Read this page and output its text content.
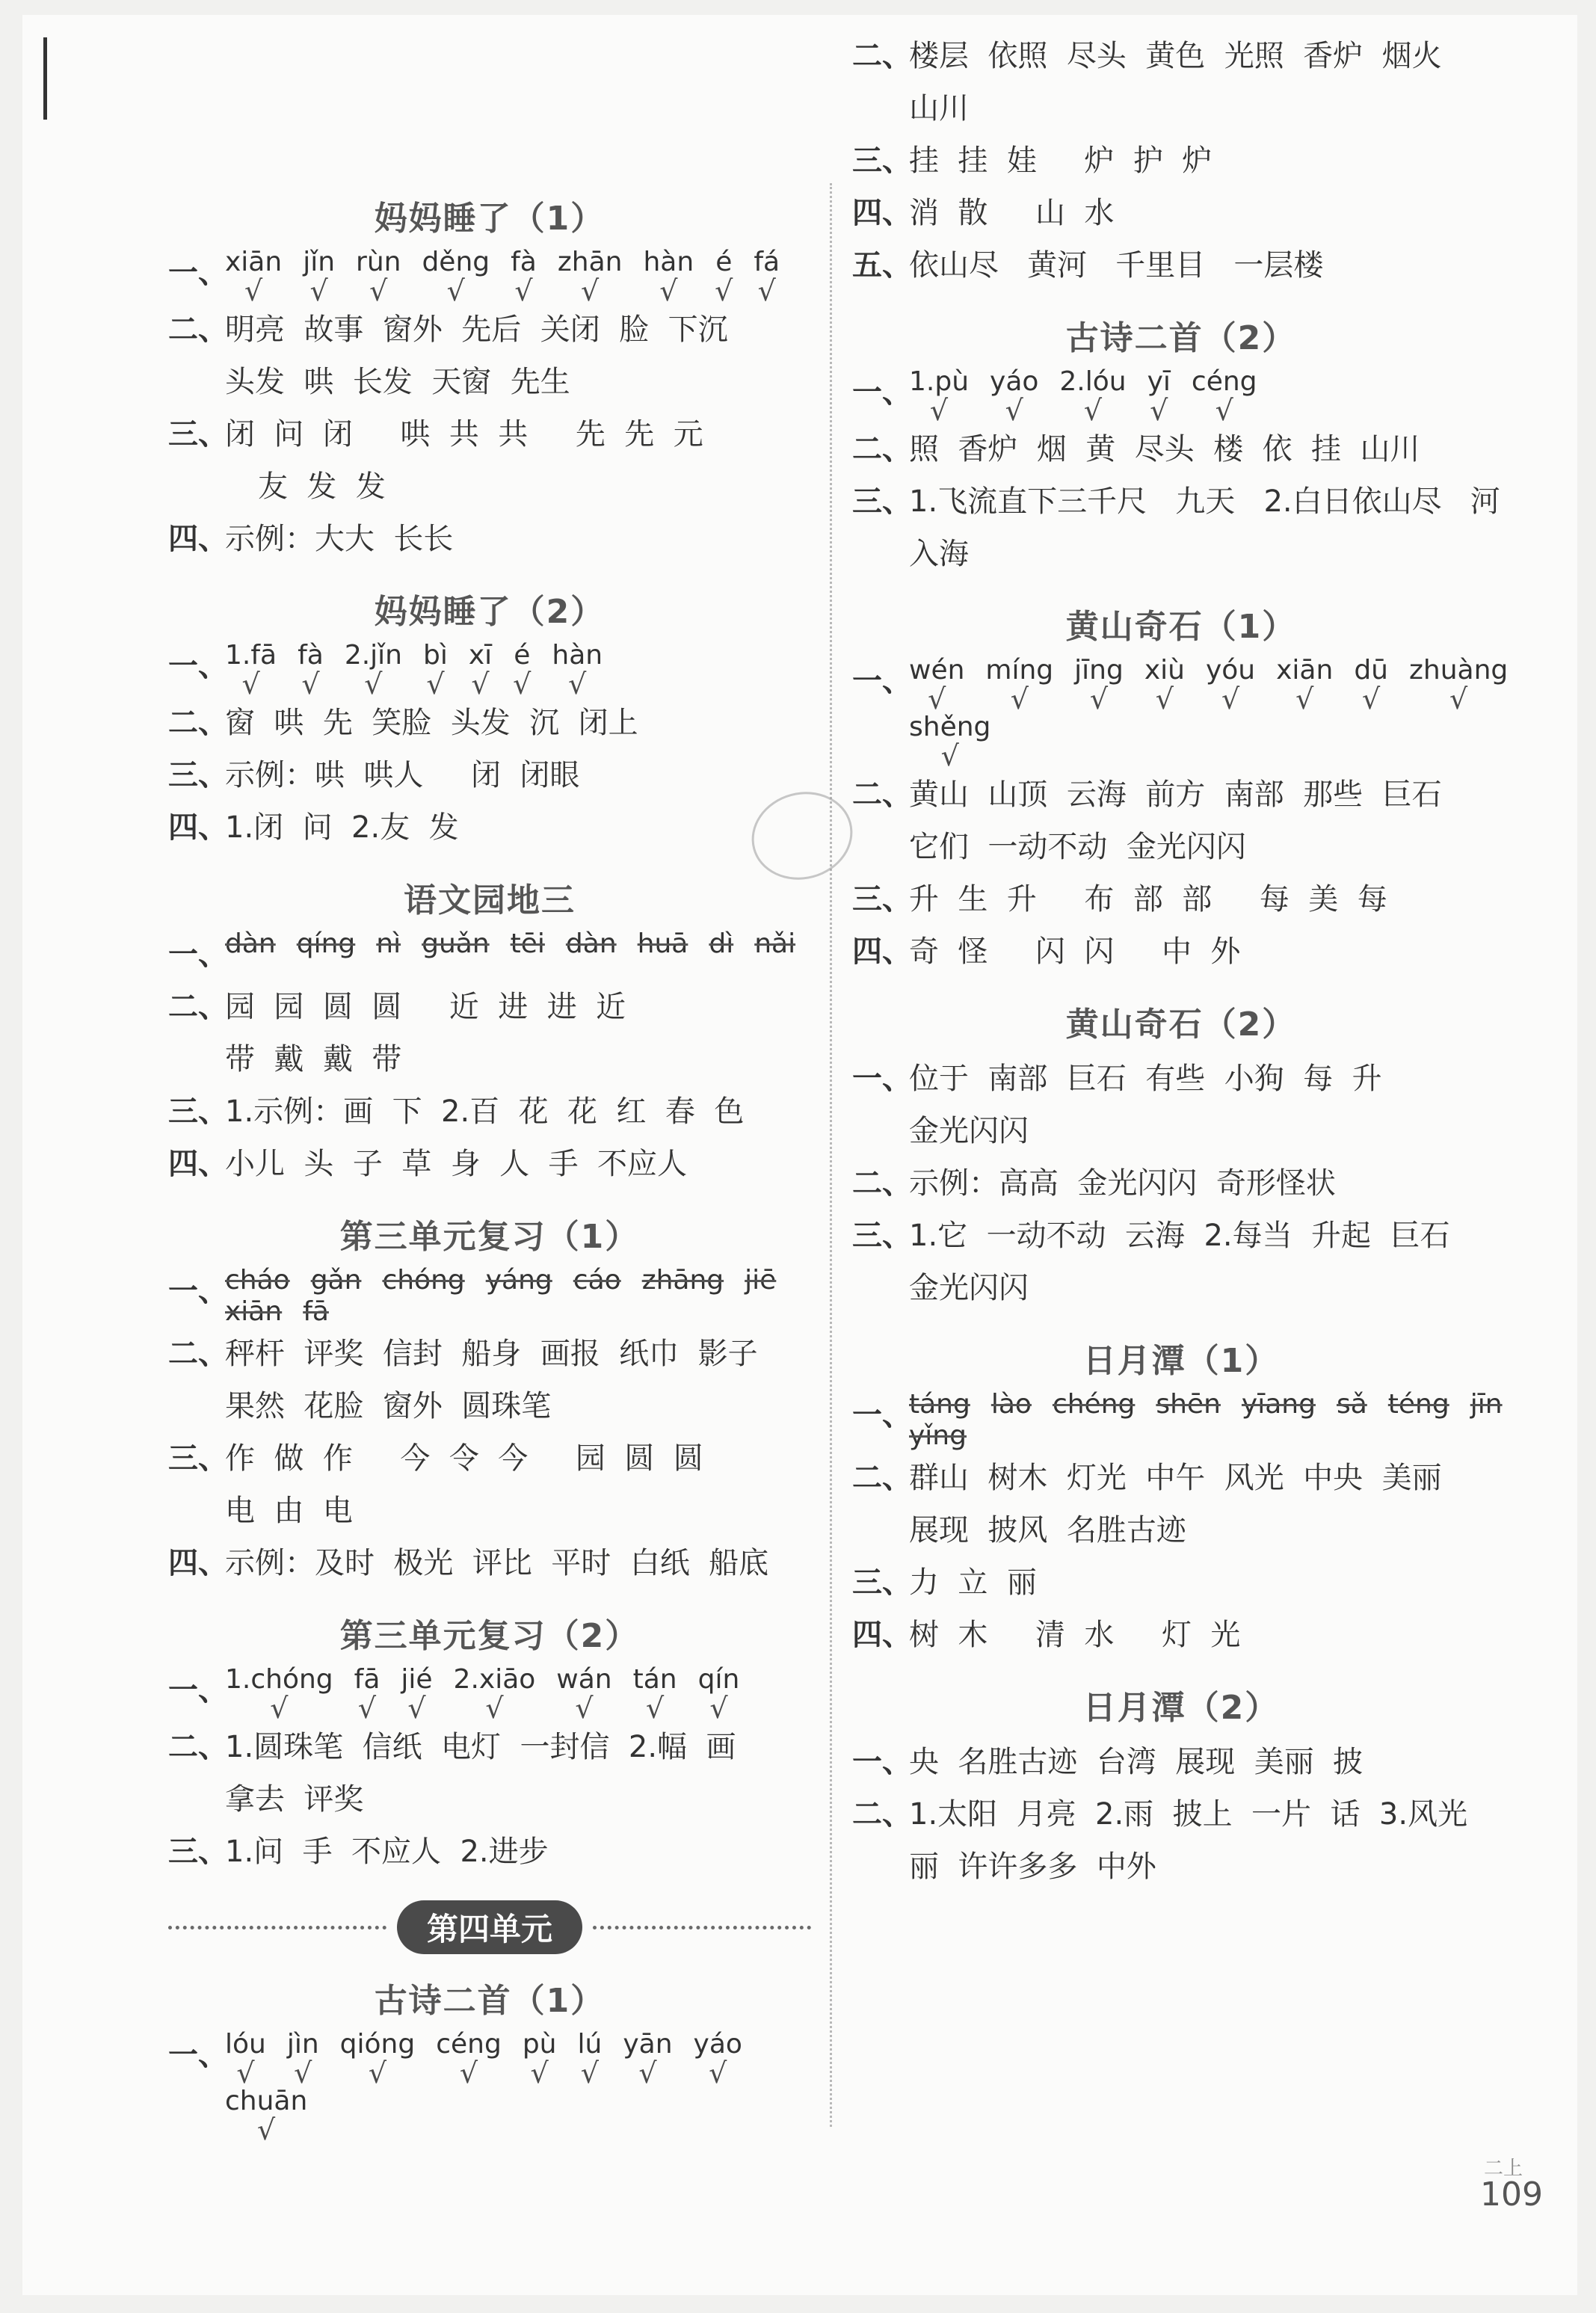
妈妈睡了（1）
一、
xiān
√
jǐn
√
rùn
√
děng
√
fà
√
zhān
√
hàn
√
é
√
fá
√
二、
明亮  故事  窗外  先后  关闭  脸  下沉
头发  哄  长发  天窗  先生
三、
闭  问  闭     哄  共  共     先  先  元
友  发  发
四、
示例：大大  长长
妈妈睡了（2）
一、
1.fā
√
fà
√
2.jǐn
√
bì
√
xī
√
é
√
hàn
√
二、
窗  哄  先  笑脸  头发  沉  闭上
三、
示例：哄  哄人     闭  闭眼
四、
1.闭  问  2.友  发
语文园地三
一、
dàn qíng nì guǎn tēi dàn huā dì nǎi
二、
园  园  圆  圆     近  进  进  近
带  戴  戴  带
三、
1.示例：画  下  2.百  花  花  红  春  色
四、
小儿  头  子  草  身  人  手  不应人
第三单元复习（1）
一、
cháo gǎn chóng yáng cáo zhāng jiē
xiān fā
二、
秤杆  评奖  信封  船身  画报  纸巾  影子
果然  花脸  窗外  圆珠笔
三、
作  做  作     今  令  今     园  圆  圆
电  由  电
四、
示例：及时  极光  评比  平时  白纸  船底
第三单元复习（2）
一、
1.chóng
√
fā
√
jié
√
2.xiāo
√
wán
√
tán
√
qín
√
二、
1.圆珠笔  信纸  电灯  一封信  2.幅  画
拿去  评奖
三、
1.问  手  不应人  2.进步
第四单元
古诗二首（1）
一、
lóu
√
jìn
√
qióng
√
céng
√
pù
√
lú
√
yān
√
yáo
√
chuān
√
二、
楼层  依照  尽头  黄色  光照  香炉  烟火
山川
三、
挂  挂  娃     炉  护  炉
四、
消  散     山  水
五、
依山尽   黄河   千里目   一层楼
古诗二首（2）
一、
1.pù
√
yáo
√
2.lóu
√
yī
√
céng
√
二、
照  香炉  烟  黄  尽头  楼  依  挂  山川
三、
1.飞流直下三千尺   九天   2.白日依山尽   河
入海
黄山奇石（1）
一、
wén
√
míng
√
jīng
√
xiù
√
yóu
√
xiān
√
dū
√
zhuàng
√
shěng
√
二、
黄山  山顶  云海  前方  南部  那些  巨石
它们  一动不动  金光闪闪
三、
升  生  升     布  部  部     每  美  每
四、
奇  怪     闪  闪     中  外
黄山奇石（2）
一、
位于  南部  巨石  有些  小狗  每  升
金光闪闪
二、
示例：高高  金光闪闪  奇形怪状
三、
1.它  一动不动  云海  2.每当  升起  巨石
金光闪闪
日月潭（1）
一、
táng lào chéng shēn yīang sǎ téng jīn
yǐng
二、
群山  树木  灯光  中午  风光  中央  美丽
展现  披风  名胜古迹
三、
力  立  丽
四、
树  木     清  水     灯  光
日月潭（2）
一、
央  名胜古迹  台湾  展现  美丽  披
二、
1.太阳  月亮  2.雨  披上  一片  话  3.风光
丽  许许多多  中外
二上
109
